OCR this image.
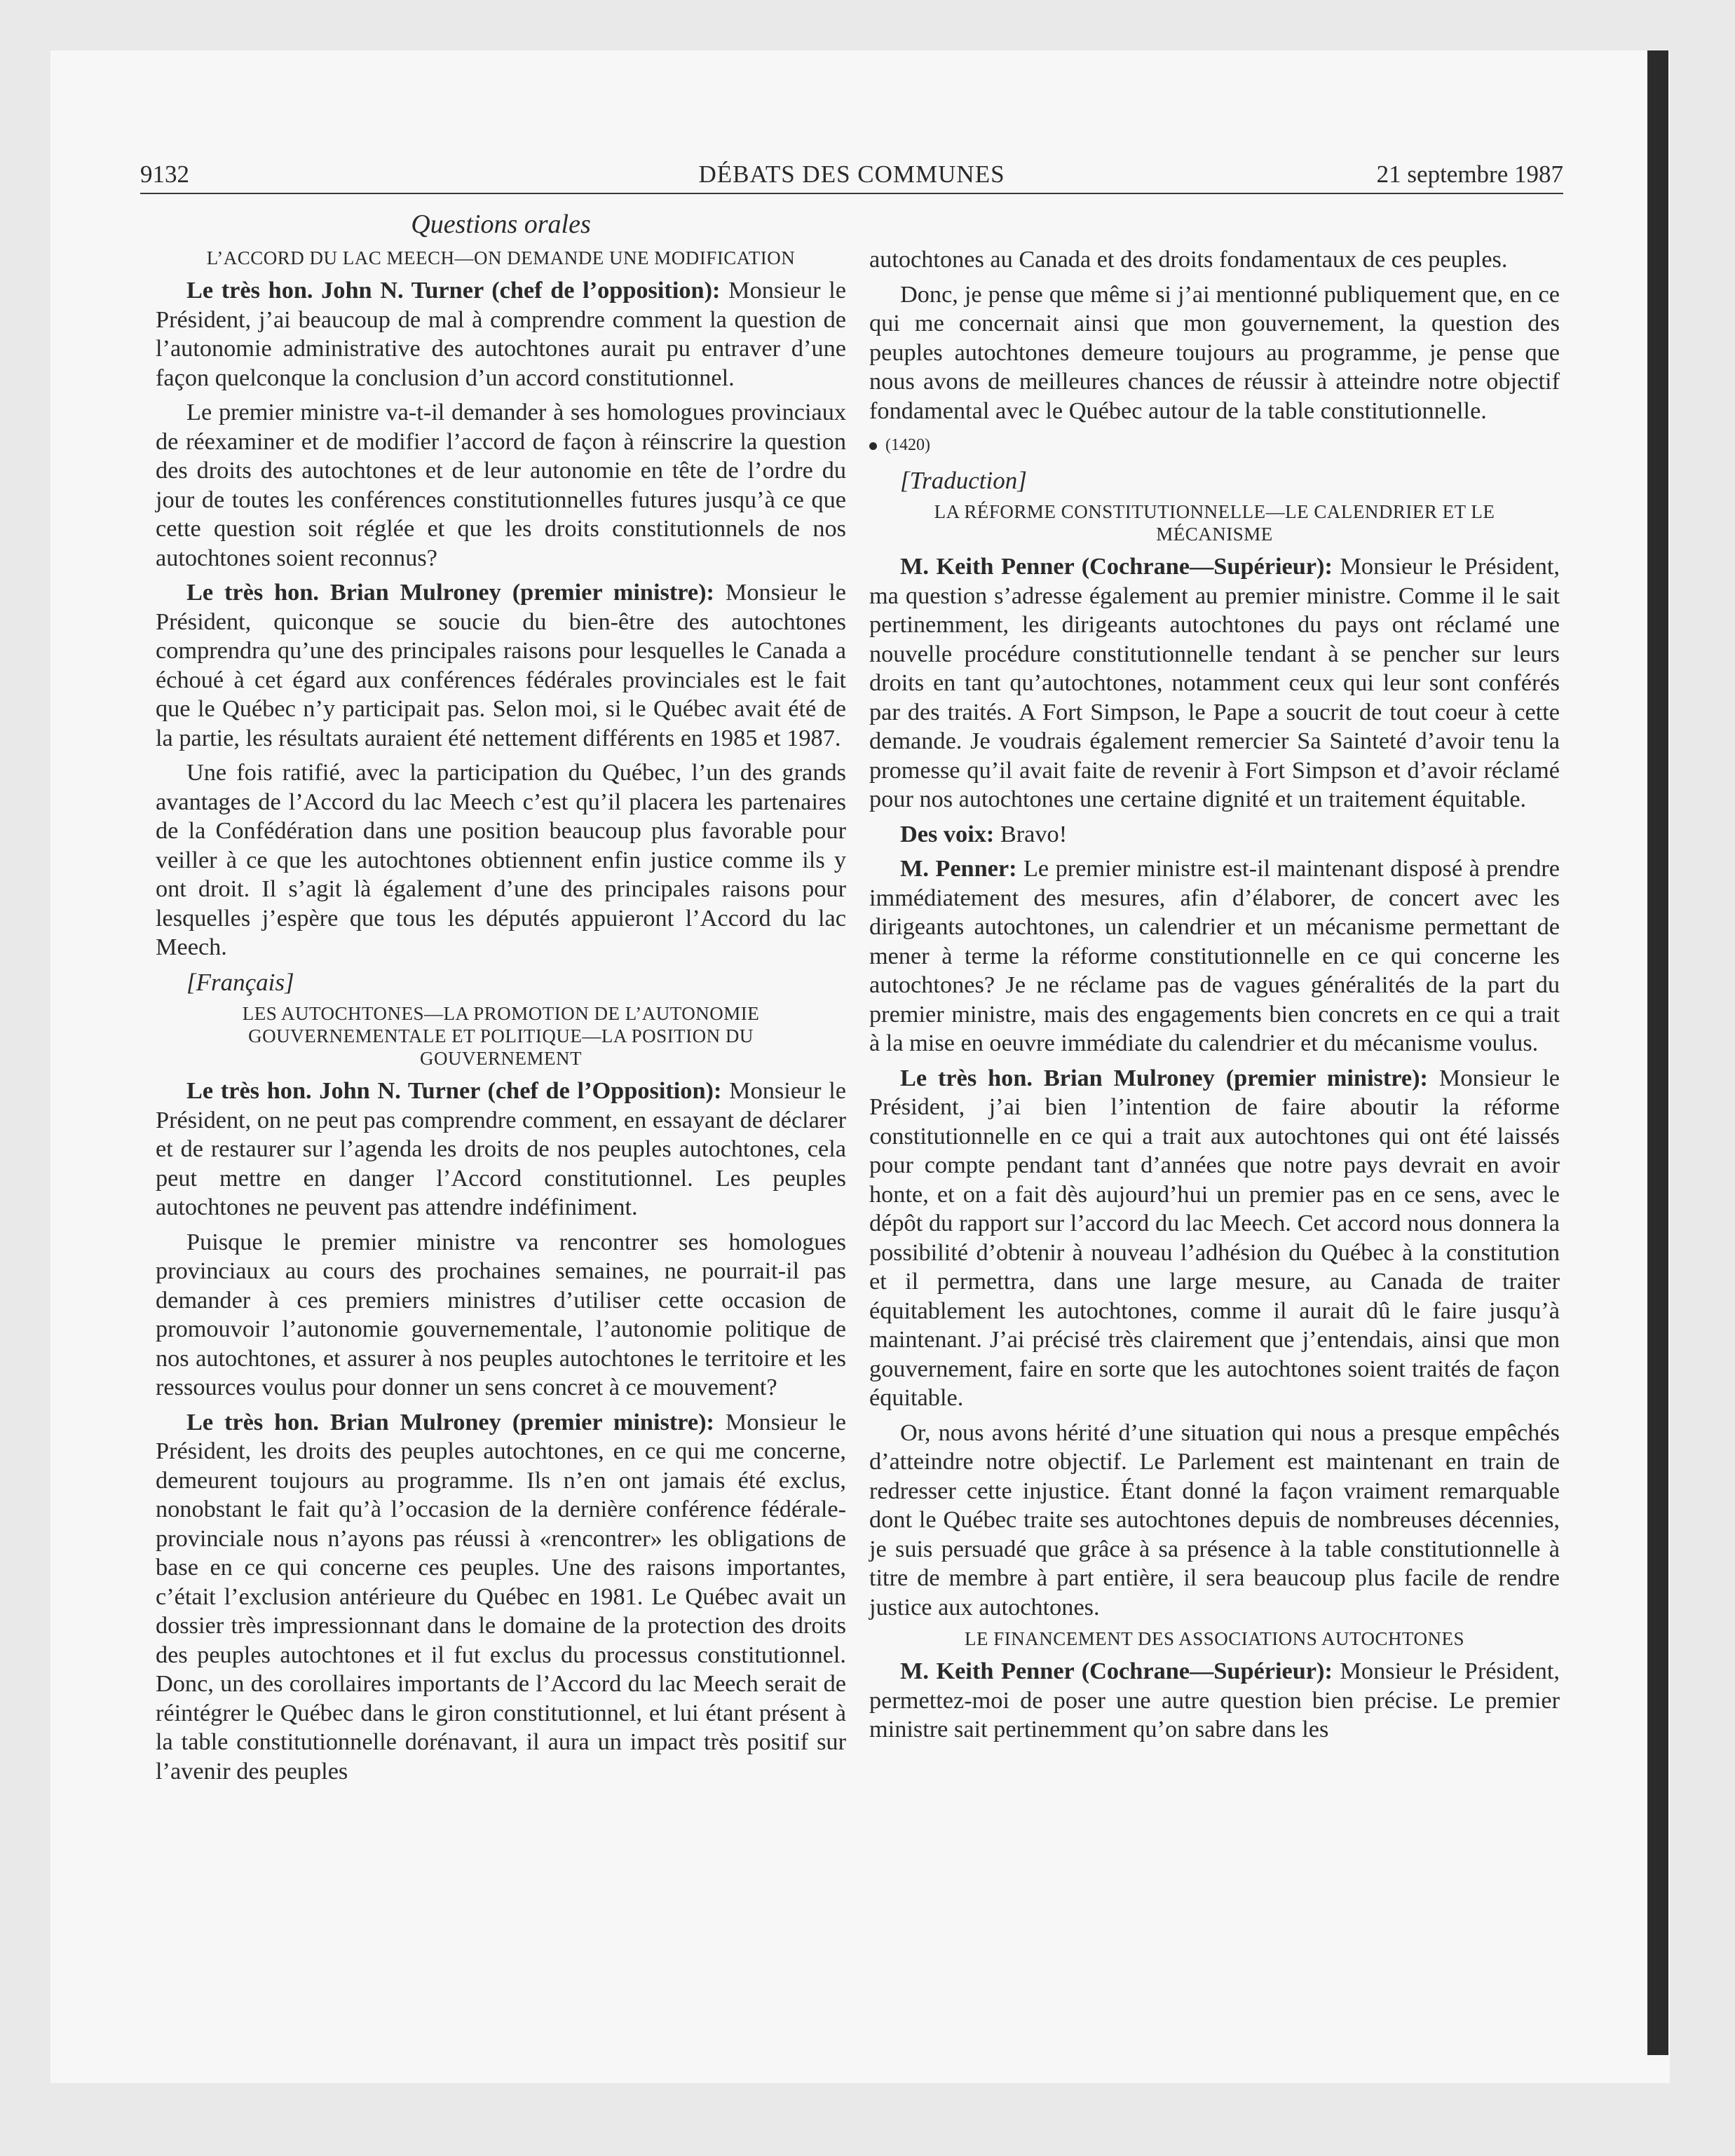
9132	DÉBATS DES COMMUNES	21 septembre 1987
Questions orales
L’ACCORD DU LAC MEECH—ON DEMANDE UNE MODIFICATION

Le très hon. John N. Turner (chef de l’opposition): Monsieur le Président, j’ai beaucoup de mal à comprendre comment la question de l’autonomie administrative des autochtones aurait pu entraver d’une façon quelconque la conclusion d’un accord constitutionnel.

Le premier ministre va-t-il demander à ses homologues provinciaux de réexaminer et de modifier l’accord de façon à réinscrire la question des droits des autochtones et de leur autonomie en tête de l’ordre du jour de toutes les conférences constitutionnelles futures jusqu’à ce que cette question soit réglée et que les droits constitutionnels de nos autochtones soient reconnus?

Le très hon. Brian Mulroney (premier ministre): Monsieur le Président, quiconque se soucie du bien-être des autochtones comprendra qu’une des principales raisons pour lesquelles le Canada a échoué à cet égard aux conférences fédérales provinciales est le fait que le Québec n’y participait pas. Selon moi, si le Québec avait été de la partie, les résultats auraient été nettement différents en 1985 et 1987.

Une fois ratifié, avec la participation du Québec, l’un des grands avantages de l’Accord du lac Meech c’est qu’il placera les partenaires de la Confédération dans une position beaucoup plus favorable pour veiller à ce que les autochtones obtiennent enfin justice comme ils y ont droit. Il s’agit là également d’une des principales raisons pour lesquelles j’espère que tous les députés appuieront l’Accord du lac Meech.

[Français]

LES AUTOCHTONES—LA PROMOTION DE L’AUTONOMIE GOUVERNEMENTALE ET POLITIQUE—LA POSITION DU GOUVERNEMENT

Le très hon. John N. Turner (chef de l’Opposition): Monsieur le Président, on ne peut pas comprendre comment, en essayant de déclarer et de restaurer sur l’agenda les droits de nos peuples autochtones, cela peut mettre en danger l’Accord constitutionnel. Les peuples autochtones ne peuvent pas attendre indéfiniment.

Puisque le premier ministre va rencontrer ses homologues provinciaux au cours des prochaines semaines, ne pourrait-il pas demander à ces premiers ministres d’utiliser cette occasion de promouvoir l’autonomie gouvernementale, l’autonomie politique de nos autochtones, et assurer à nos peuples autochtones le territoire et les ressources voulus pour donner un sens concret à ce mouvement?

Le très hon. Brian Mulroney (premier ministre): Monsieur le Président, les droits des peuples autochtones, en ce qui me concerne, demeurent toujours au programme. Ils n’en ont jamais été exclus, nonobstant le fait qu’à l’occasion de la dernière conférence fédérale-provinciale nous n’ayons pas réussi à «rencontrer» les obligations de base en ce qui concerne ces peuples. Une des raisons importantes, c’était l’exclusion antérieure du Québec en 1981. Le Québec avait un dossier très impressionnant dans le domaine de la protection des droits des peuples autochtones et il fut exclus du processus constitutionnel. Donc, un des corollaires importants de l’Accord du lac Meech serait de réintégrer le Québec dans le giron constitutionnel, et lui étant présent à la table constitutionnelle dorénavant, il aura un impact très positif sur l’avenir des peuples

autochtones au Canada et des droits fondamentaux de ces peuples.

Donc, je pense que même si j’ai mentionné publiquement que, en ce qui me concernait ainsi que mon gouvernement, la question des peuples autochtones demeure toujours au programme, je pense que nous avons de meilleures chances de réussir à atteindre notre objectif fondamental avec le Québec autour de la table constitutionnelle.

(1420)

[Traduction]

LA RÉFORME CONSTITUTIONNELLE—LE CALENDRIER ET LE MÉCANISME

M. Keith Penner (Cochrane—Supérieur): Monsieur le Président, ma question s’adresse également au premier ministre. Comme il le sait pertinemment, les dirigeants autochtones du pays ont réclamé une nouvelle procédure constitutionnelle tendant à se pencher sur leurs droits en tant qu’autochtones, notamment ceux qui leur sont conférés par des traités. A Fort Simpson, le Pape a soucrit de tout coeur à cette demande. Je voudrais également remercier Sa Sainteté d’avoir tenu la promesse qu’il avait faite de revenir à Fort Simpson et d’avoir réclamé pour nos autochtones une certaine dignité et un traitement équitable.

Des voix: Bravo!

M. Penner: Le premier ministre est-il maintenant disposé à prendre immédiatement des mesures, afin d’élaborer, de concert avec les dirigeants autochtones, un calendrier et un mécanisme permettant de mener à terme la réforme constitutionnelle en ce qui concerne les autochtones? Je ne réclame pas de vagues généralités de la part du premier ministre, mais des engagements bien concrets en ce qui a trait à la mise en oeuvre immédiate du calendrier et du mécanisme voulus.

Le très hon. Brian Mulroney (premier ministre): Monsieur le Président, j’ai bien l’intention de faire aboutir la réforme constitutionnelle en ce qui a trait aux autochtones qui ont été laissés pour compte pendant tant d’années que notre pays devrait en avoir honte, et on a fait dès aujourd’hui un premier pas en ce sens, avec le dépôt du rapport sur l’accord du lac Meech. Cet accord nous donnera la possibilité d’obtenir à nouveau l’adhésion du Québec à la constitution et il permettra, dans une large mesure, au Canada de traiter équitablement les autochtones, comme il aurait dû le faire jusqu’à maintenant. J’ai précisé très clairement que j’entendais, ainsi que mon gouvernement, faire en sorte que les autochtones soient traités de façon équitable.

Or, nous avons hérité d’une situation qui nous a presque empêchés d’atteindre notre objectif. Le Parlement est maintenant en train de redresser cette injustice. Étant donné la façon vraiment remarquable dont le Québec traite ses autochtones depuis de nombreuses décennies, je suis persuadé que grâce à sa présence à la table constitutionnelle à titre de membre à part entière, il sera beaucoup plus facile de rendre justice aux autochtones.

LE FINANCEMENT DES ASSOCIATIONS AUTOCHTONES

M. Keith Penner (Cochrane—Supérieur): Monsieur le Président, permettez-moi de poser une autre question bien précise. Le premier ministre sait pertinemment qu’on sabre dans les
